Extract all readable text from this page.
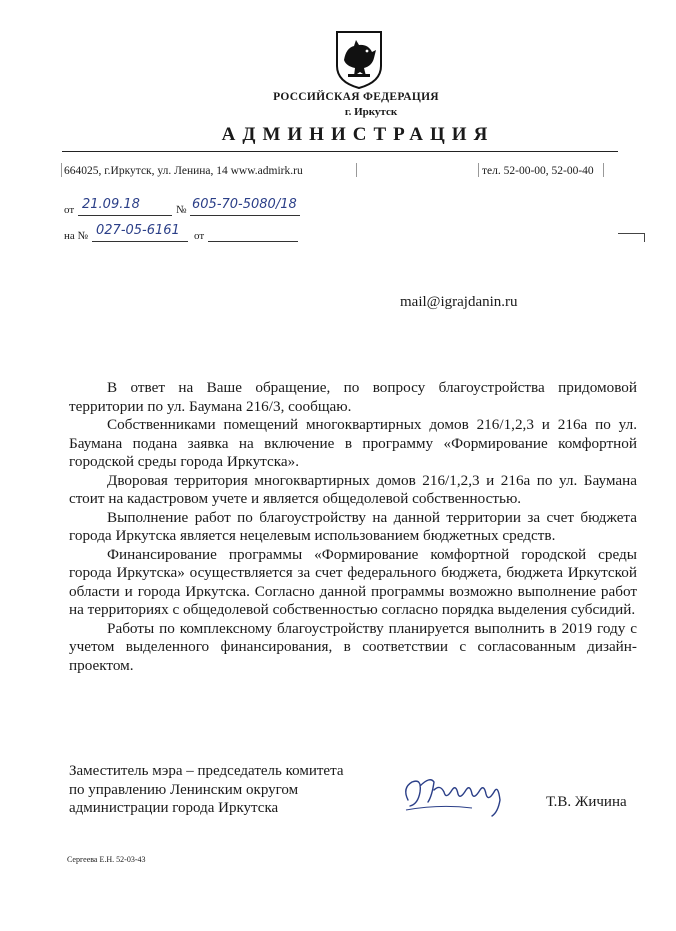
РОССИЙСКАЯ ФЕДЕРАЦИЯ
г. Иркутск
АДМИНИСТРАЦИЯ
664025, г.Иркутск, ул. Ленина, 14 www.admirk.ru	тел. 52-00-00, 52-00-40
от 21.09.18	№ 605-70-5080/18
на № 027-05-6161 от
mail@igrajdanin.ru

В ответ на Ваше обращение, по вопросу благоустройства придомовой территории по ул. Баумана 216/3, сообщаю.

Собственниками помещений многоквартирных домов 216/1,2,3 и 216а по ул. Баумана подана заявка на включение в программу «Формирование комфортной городской среды города Иркутска».

Дворовая территория многоквартирных домов 216/1,2,3 и 216а по ул. Баумана стоит на кадастровом учете и является общедолевой собственностью.

Выполнение работ по благоустройству на данной территории за счет бюджета города Иркутска является нецелевым использованием бюджетных средств.

Финансирование программы «Формирование комфортной городской среды города Иркутска» осуществляется за счет федерального бюджета, бюджета Иркутской области и города Иркутска. Согласно данной программы возможно выполнение работ на территориях с общедолевой собственностью согласно порядка выделения субсидий.

Работы по комплексному благоустройству планируется выполнить в 2019 году с учетом выделенного финансирования, в соответствии с согласованным дизайн-проектом.

Заместитель мэра – председатель комитета
по управлению Ленинским округом
администрации города Иркутска	Т.В. Жичина
Сергеева Е.Н. 52-03-43
